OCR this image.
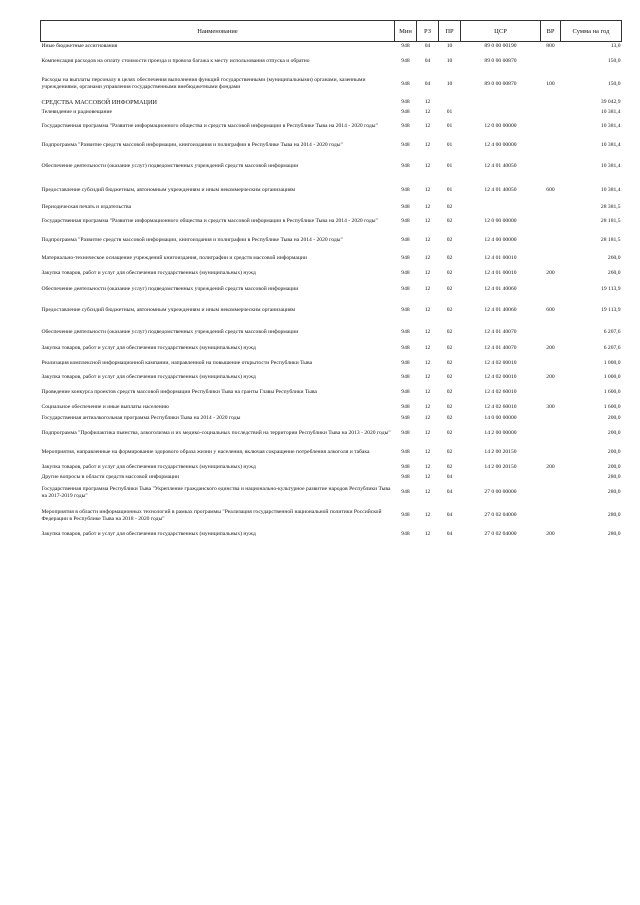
Наименование	Мин	РЗ	ПР	ЦСР	ВР	Сумма на год
Иные бюджетные ассигнования	948	04	10	89 0 00 00190	800	13,0
Компенсация расходов на оплату стоимости проезда и провоза багажа к месту использования отпуска и обратно	948	04	10	89 0 00 00870		150,0
Расходы на выплаты персоналу в целях обеспечения выполнения функций государственными (муниципальными) органами, казенными учреждениями, органами управления государственными внебюджетными фондами	948	04	10	89 0 00 00870	100	150,0
СРЕДСТВА МАССОВОЙ ИНФОРМАЦИИ	948	12				39 042,9
Телевидение и радиовещание	948	12	01			10 381,4
Государственная программа "Развитие информационного общества и средств массовой информации в Республике Тыва на 2014 - 2020 годы"	948	12	01	12 0 00 00000		10 381,4
Подпрограмма "Развитие средств массовой информации, книгоиздания и полиграфии в Республике Тыва на 2014 - 2020 годы"	948	12	01	12 4 00 00000		10 381,4
Обеспечение деятельности (оказание услуг) подведомственных учреждений средств массовой информации	948	12	01	12 4 01 40050		10 381,4
Предоставление субсидий бюджетным, автономным учреждениям и иным некоммерческим организациям	948	12	01	12 4 01 40050	600	10 381,4
Периодическая печать и издательства	948	12	02			28 381,5
Государственная программа "Развитие информационного общества и средств массовой информации в Республике Тыва на 2014 - 2020 годы"	948	12	02	12 0 00 00000		28 181,5
Подпрограмма "Развитие средств массовой информации, книгоиздания и полиграфии в Республике Тыва на 2014 - 2020 годы"	948	12	02	12 4 00 00000		28 181,5
Материально-техническое оснащение учреждений книгоиздания, полиграфии и средств массовой информации	948	12	02	12 4 01 00010		260,0
Закупка товаров, работ и услуг для обеспечения государственных (муниципальных) нужд	948	12	02	12 4 01 00010	200	260,0
Обеспечение деятельности (оказание услуг) подведомственных учреждений средств массовой информации	948	12	02	12 4 01 40060		19 113,9
Предоставление субсидий бюджетным, автономным учреждениям и иным некоммерческим организациям	948	12	02	12 4 01 40060	600	19 113,9
Обеспечение деятельности (оказание услуг) подведомственных учреждений средств массовой информации	948	12	02	12 4 01 40070		6 207,6
Закупка товаров, работ и услуг для обеспечения государственных (муниципальных) нужд	948	12	02	12 4 01 40070	200	6 207,6
Реализация комплексной информационной кампании, направленной на повышение открытости Республики Тыва	948	12	02	12 4 02 00010		1 000,0
Закупка товаров, работ и услуг для обеспечения государственных (муниципальных) нужд	948	12	02	12 4 02 00010	200	1 000,0
Проведение конкурса проектов средств массовой информации Республики Тыва на гранты Главы Республики Тыва	948	12	02	12 4 02 60010		1 600,0
Социальное обеспечение и иные выплаты населению	948	12	02	12 4 02 60010	300	1 600,0
Государственная антиалкогольная программа Республики Тыва на 2014 - 2020 годы	948	12	02	14 0 00 00000		200,0
Подпрограмма "Профилактика пьянства, алкоголизма и их медико-социальных последствий на территории Республики Тыва на 2013 - 2020 годы"	948	12	02	14 2 00 00000		200,0
Мероприятия, направленные на формирование здорового образа жизни у населения, включая сокращение потребления алкоголя и табака	948	12	02	14 2 00 20150		200,0
Закупка товаров, работ и услуг для обеспечения государственных (муниципальных) нужд	948	12	02	14 2 00 20150	200	200,0
Другие вопросы в области средств массовой информации	948	12	04			280,0
Государственная программа Республики Тыва "Укрепление гражданского единства и национально-культурное развитие народов Республики Тыва на 2017-2019 годы"	948	12	04	27 0 00 00000		280,0
Мероприятия в области информационных технологий в рамках программы "Реализация государственной национальной политики Российской Федерации в Республике Тыва на 2018 - 2020 годы"	948	12	04	27 0 02 04000		280,0
Закупка товаров, работ и услуг для обеспечения государственных (муниципальных) нужд	948	12	04	27 0 02 04000	200	280,0
